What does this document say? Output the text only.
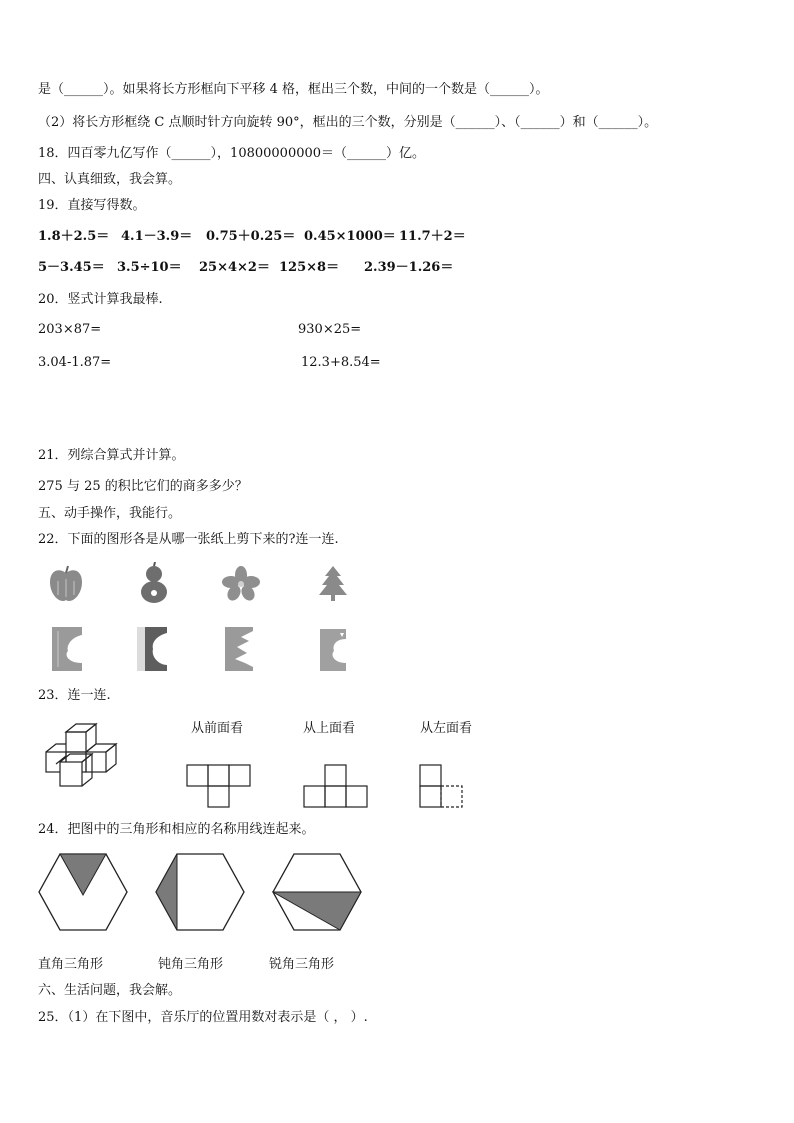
是（______）。如果将长方形框向下平移 4 格，框出三个数，中间的一个数是（______）。
（2）将长方形框绕 C 点顺时针方向旋转 90°，框出的三个数，分别是（______）、（______）和（______）。
18．四百零九亿写作（______），10800000000＝（______）亿。
四、认真细致，我会算。
19．直接写得数。
1.8＋2.5＝ 4.1－3.9＝ 0.75＋0.25＝ 0.45×1000＝ 11.7＋2＝
5－3.45＝ 3.5÷10＝ 25×4×2＝ 125×8＝ 2.39－1.26＝
20．竖式计算我最棒.
203×87=	930×25=
3.04-1.87=	12.3+8.54=
21．列综合算式并计算。
275 与 25 的积比它们的商多多少？
五、动手操作，我能行。
22．下面的图形各是从哪一张纸上剪下来的?连一连.
23．连一连.
从前面看	从上面看	从左面看
24．把图中的三角形和相应的名称用线连起来。
直角三角形	钝角三角形	锐角三角形
六、生活问题，我会解。
25．（1）在下图中，音乐厅的位置用数对表示是（ ， ）.
